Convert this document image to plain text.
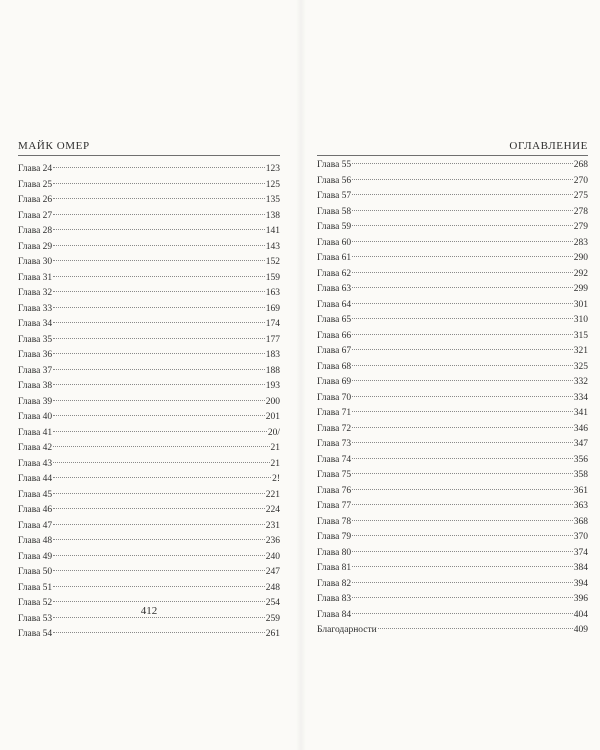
МАЙК ОМЕР
Глава 24	123
Глава 25	125
Глава 26	135
Глава 27	138
Глава 28	141
Глава 29	143
Глава 30	152
Глава 31	159
Глава 32	163
Глава 33	169
Глава 34	174
Глава 35	177
Глава 36	183
Глава 37	188
Глава 38	193
Глава 39	200
Глава 40	201
Глава 41	20/
Глава 42	21
Глава 43	21
Глава 44	2!
Глава 45	221
Глава 46	224
Глава 47	231
Глава 48	236
Глава 49	240
Глава 50	247
Глава 51	248
Глава 52	254
Глава 53	259
Глава 54	261
412
ОГЛАВЛЕНИЕ
Глава 55	268
Глава 56	270
Глава 57	275
Глава 58	278
Глава 59	279
Глава 60	283
Глава 61	290
Глава 62	292
Глава 63	299
Глава 64	301
Глава 65	310
Глава 66	315
Глава 67	321
Глава 68	325
Глава 69	332
Глава 70	334
Глава 71	341
Глава 72	346
Глава 73	347
Глава 74	356
Глава 75	358
Глава 76	361
Глава 77	363
Глава 78	368
Глава 79	370
Глава 80	374
Глава 81	384
Глава 82	394
Глава 83	396
Глава 84	404
Благодарности	409
